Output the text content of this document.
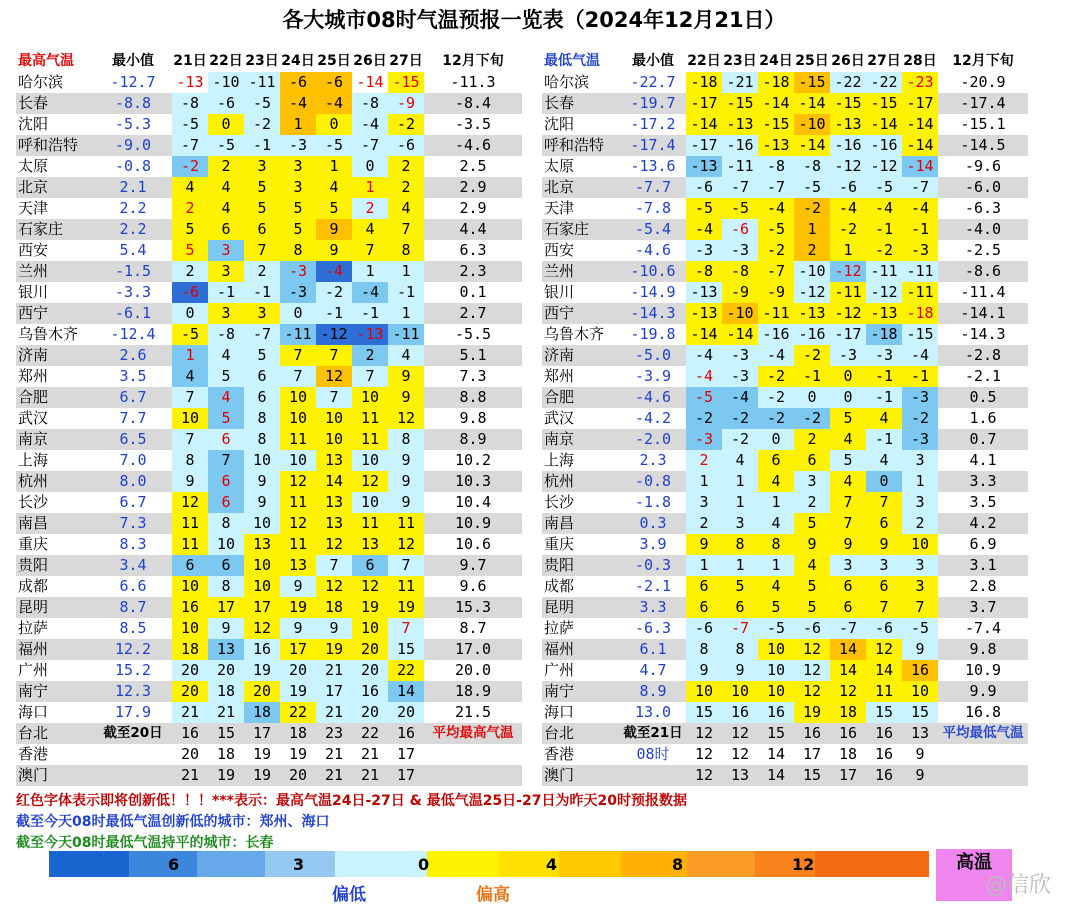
各大城市08时气温预报一览表（2024年12月21日）
最高气温	最小值	21日	22日	23日	24日	25日	26日	27日	12月下旬
哈尔滨	-12.7	-13	-10	-11	-6	-6	-14	-15	-11.3
长春	-8.8	-8	-6	-5	-4	-4	-8	-9	-8.4
沈阳	-5.3	-5	0	-2	1	0	-4	-2	-3.5
呼和浩特	-9.0	-7	-5	-1	-3	-5	-7	-6	-4.6
太原	-0.8	-2	2	3	3	1	0	2	2.5
北京	2.1	4	4	5	3	4	1	2	2.9
天津	2.2	2	4	5	5	5	2	4	2.9
石家庄	2.2	5	6	6	5	9	4	7	4.4
西安	5.4	5	3	7	8	9	7	8	6.3
兰州	-1.5	2	3	2	-3	-4	1	1	2.3
银川	-3.3	-6	-1	-1	-3	-2	-4	-1	0.1
西宁	-6.1	0	3	3	0	-1	-1	1	2.7
乌鲁木齐	-12.4	-5	-8	-7	-11	-12	-13	-11	-5.5
济南	2.6	1	4	5	7	7	2	4	5.1
郑州	3.5	4	5	6	7	12	7	9	7.3
合肥	6.7	7	4	6	10	7	10	9	8.8
武汉	7.7	10	5	8	10	10	11	12	9.8
南京	6.5	7	6	8	11	10	11	8	8.9
上海	7.0	8	7	10	10	13	10	9	10.2
杭州	8.0	9	6	9	12	14	12	9	10.3
长沙	6.7	12	6	9	11	13	10	9	10.4
南昌	7.3	11	8	10	12	13	11	11	10.9
重庆	8.3	11	10	13	11	12	13	12	10.6
贵阳	3.4	6	6	10	13	7	6	7	9.7
成都	6.6	10	8	10	9	12	12	11	9.6
昆明	8.7	16	17	17	19	18	19	19	15.3
拉萨	8.5	10	9	12	9	9	10	7	8.7
福州	12.2	18	13	16	17	19	20	15	17.0
广州	15.2	20	20	19	20	21	20	22	20.0
南宁	12.3	20	18	20	19	17	16	14	18.9
海口	17.9	21	21	18	22	21	20	20	21.5
台北	截至20日	16	15	17	18	23	22	16	平均最高气温
香港		20	18	19	19	21	21	17	
澳门		21	19	19	20	21	21	17	
最低气温	最小值	22日	23日	24日	25日	26日	27日	28日	12月下旬
哈尔滨	-22.7	-18	-21	-18	-15	-22	-22	-23	-20.9
长春	-19.7	-17	-15	-14	-14	-15	-15	-17	-17.4
沈阳	-17.2	-14	-13	-15	-10	-13	-14	-14	-15.1
呼和浩特	-17.4	-17	-16	-13	-14	-16	-16	-14	-14.5
太原	-13.6	-13	-11	-8	-8	-12	-12	-14	-9.6
北京	-7.7	-6	-7	-7	-5	-6	-5	-7	-6.0
天津	-7.8	-5	-5	-4	-2	-4	-4	-4	-6.3
石家庄	-5.4	-4	-6	-5	1	-2	-1	-1	-4.0
西安	-4.6	-3	-3	-2	2	1	-2	-3	-2.5
兰州	-10.6	-8	-8	-7	-10	-12	-11	-11	-8.6
银川	-14.9	-13	-9	-9	-12	-11	-12	-11	-11.4
西宁	-14.3	-13	-10	-11	-13	-12	-13	-18	-14.1
乌鲁木齐	-19.8	-14	-14	-16	-16	-17	-18	-15	-14.3
济南	-5.0	-4	-3	-4	-2	-3	-3	-4	-2.8
郑州	-3.9	-4	-3	-2	-1	0	-1	-1	-2.1
合肥	-4.6	-5	-4	-2	0	0	-1	-3	0.5
武汉	-4.2	-2	-2	-2	-2	5	4	-2	1.6
南京	-2.0	-3	-2	0	2	4	-1	-3	0.7
上海	2.3	2	4	6	6	5	4	3	4.1
杭州	-0.8	1	1	4	3	4	0	1	3.3
长沙	-1.8	3	1	1	2	7	7	3	3.5
南昌	0.3	2	3	4	5	7	6	2	4.2
重庆	3.9	9	8	8	9	9	9	10	6.9
贵阳	-0.3	1	1	1	4	3	3	3	3.1
成都	-2.1	6	5	4	5	6	6	3	2.8
昆明	3.3	6	6	5	5	6	7	7	3.7
拉萨	-6.3	-6	-7	-5	-6	-7	-6	-5	-7.4
福州	6.1	8	8	10	12	14	12	9	9.8
广州	4.7	9	9	10	12	14	14	16	10.9
南宁	8.9	10	10	10	12	12	11	10	9.9
海口	13.0	15	16	16	19	18	15	15	16.8
台北	截至21日	12	12	15	16	16	16	13	平均最低气温
香港	08时	12	12	14	17	18	16	9	
澳门		12	13	14	15	17	16	9	
红色字体表示即将创新低！！！***表示：最高气温24日-27日 & 最低气温25日-27日为昨天20时预报数据
截至今天08时最低气温创新低的城市：郑州、海口
截至今天08时最低气温持平的城市：长春
6	3	0	4	8	12
偏低	偏高
高温
@信欣
